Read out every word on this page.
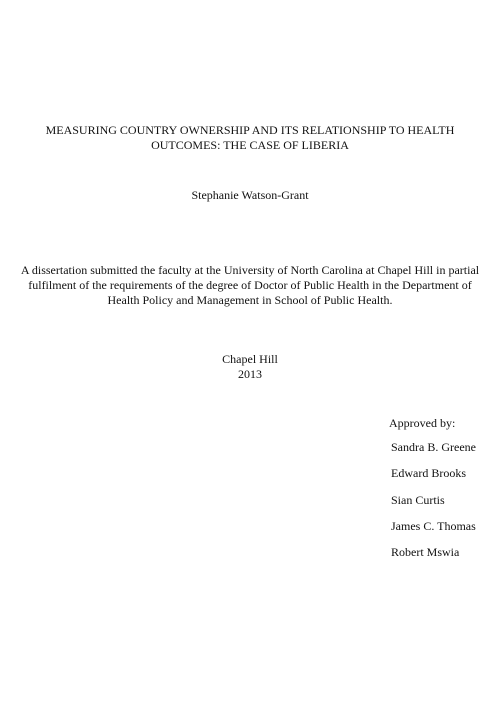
MEASURING COUNTRY OWNERSHIP AND ITS RELATIONSHIP TO HEALTH
OUTCOMES: THE CASE OF LIBERIA
Stephanie Watson-Grant
A dissertation submitted the faculty at the University of North Carolina at Chapel Hill in partial
fulfilment of the requirements of the degree of Doctor of Public Health in the Department of
Health Policy and Management in School of Public Health.
Chapel Hill
2013
Approved by:
Sandra B. Greene
Edward Brooks
Sian Curtis
James C. Thomas
Robert Mswia
